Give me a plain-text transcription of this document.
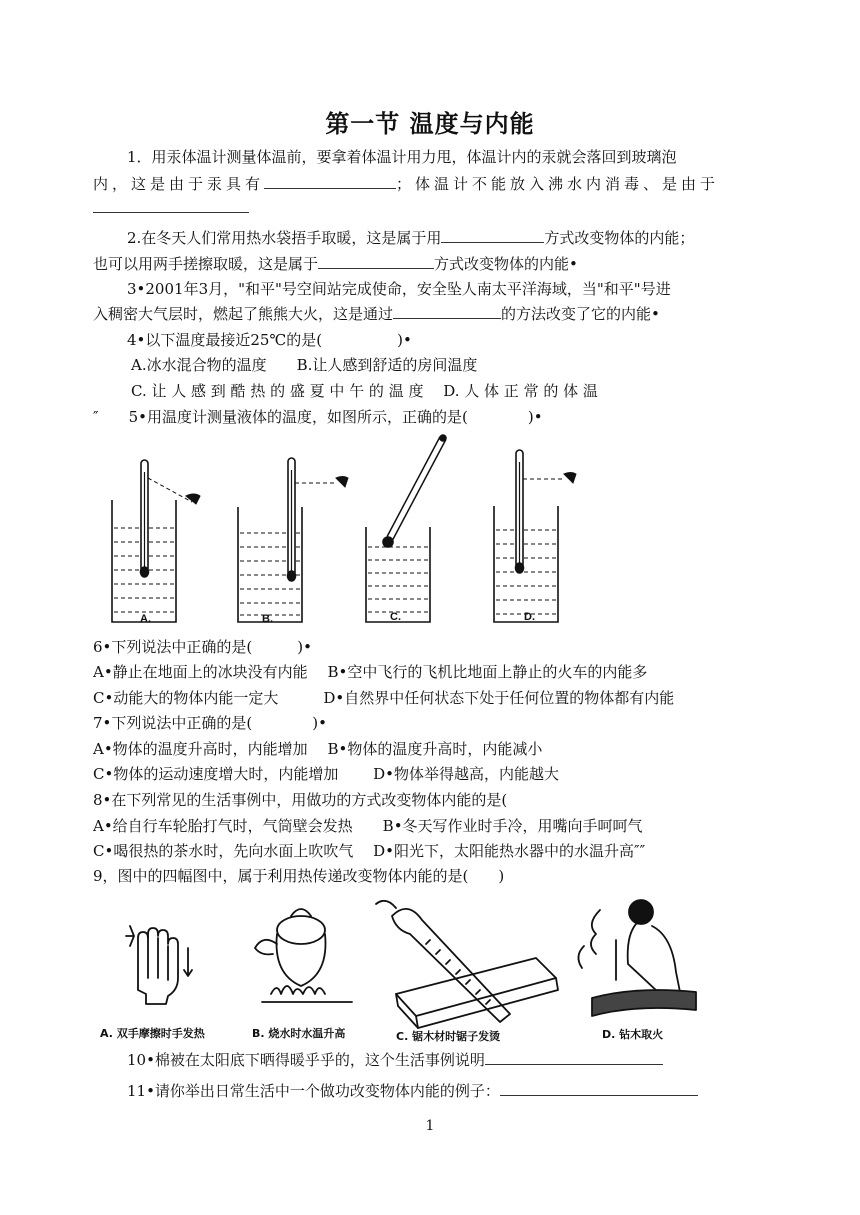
第一节 温度与内能
1．用汞体温计测量体温前，要拿着体温计用力甩，体温计内的汞就会落回到玻璃泡
内，这是由于汞具有	；体温计不能放入沸水内消毒、是由于
2.在冬天人们常用热水袋捂手取暖，这是属于用	方式改变物体的内能；
也可以用两手搓擦取暖，这是属于	方式改变物体的内能•
3•2001年3月，"和平"号空间站完成使命，安全坠人南太平洋海域，当"和平"号进
入稠密大气层时，燃起了熊熊大火，这是通过	的方法改变了它的内能•
4•以下温度最接近25℃的是(　　　　　)•
A.冰水混合物的温度　　B.让人感到舒适的房间温度
C. 让 人 感 到 酷 热 的 盛 夏 中 午 的 温 度　 D. 人 体 正 常 的 体 温
″　　5•用温度计测量液体的温度，如图所示，正确的是(　　　　)•
A.	B.	C.	D.
6•下列说法中正确的是(　　　)•
A•静止在地面上的冰块没有内能　 B•空中飞行的飞机比地面上静止的火车的内能多
C•动能大的物体内能一定大　　　D•自然界中任何状态下处于任何位置的物体都有内能
7•下列说法中正确的是(　　　　)•
A•物体的温度升高时，内能增加　 B•物体的温度升高时，内能减小
C•物体的运动速度增大时，内能增加　　 D•物体举得越高，内能越大
8•在下列常见的生活事例中，用做功的方式改变物体内能的是(
A•给自行车轮胎打气时，气筒壁会发热　　B•冬天写作业时手冷，用嘴向手呵呵气
C•喝很热的茶水时，先向水面上吹吹气　 D•阳光下，太阳能热水器中的水温升高″″
9，图中的四幅图中，属于利用热传递改变物体内能的是(　　)
A. 双手摩擦时手发热	B. 烧水时水温升高	C. 锯木材时锯子发烫	D. 钻木取火
10•棉被在太阳底下晒得暖乎乎的，这个生活事例说明
11•请你举出日常生活中一个做功改变物体内能的例子：
1
